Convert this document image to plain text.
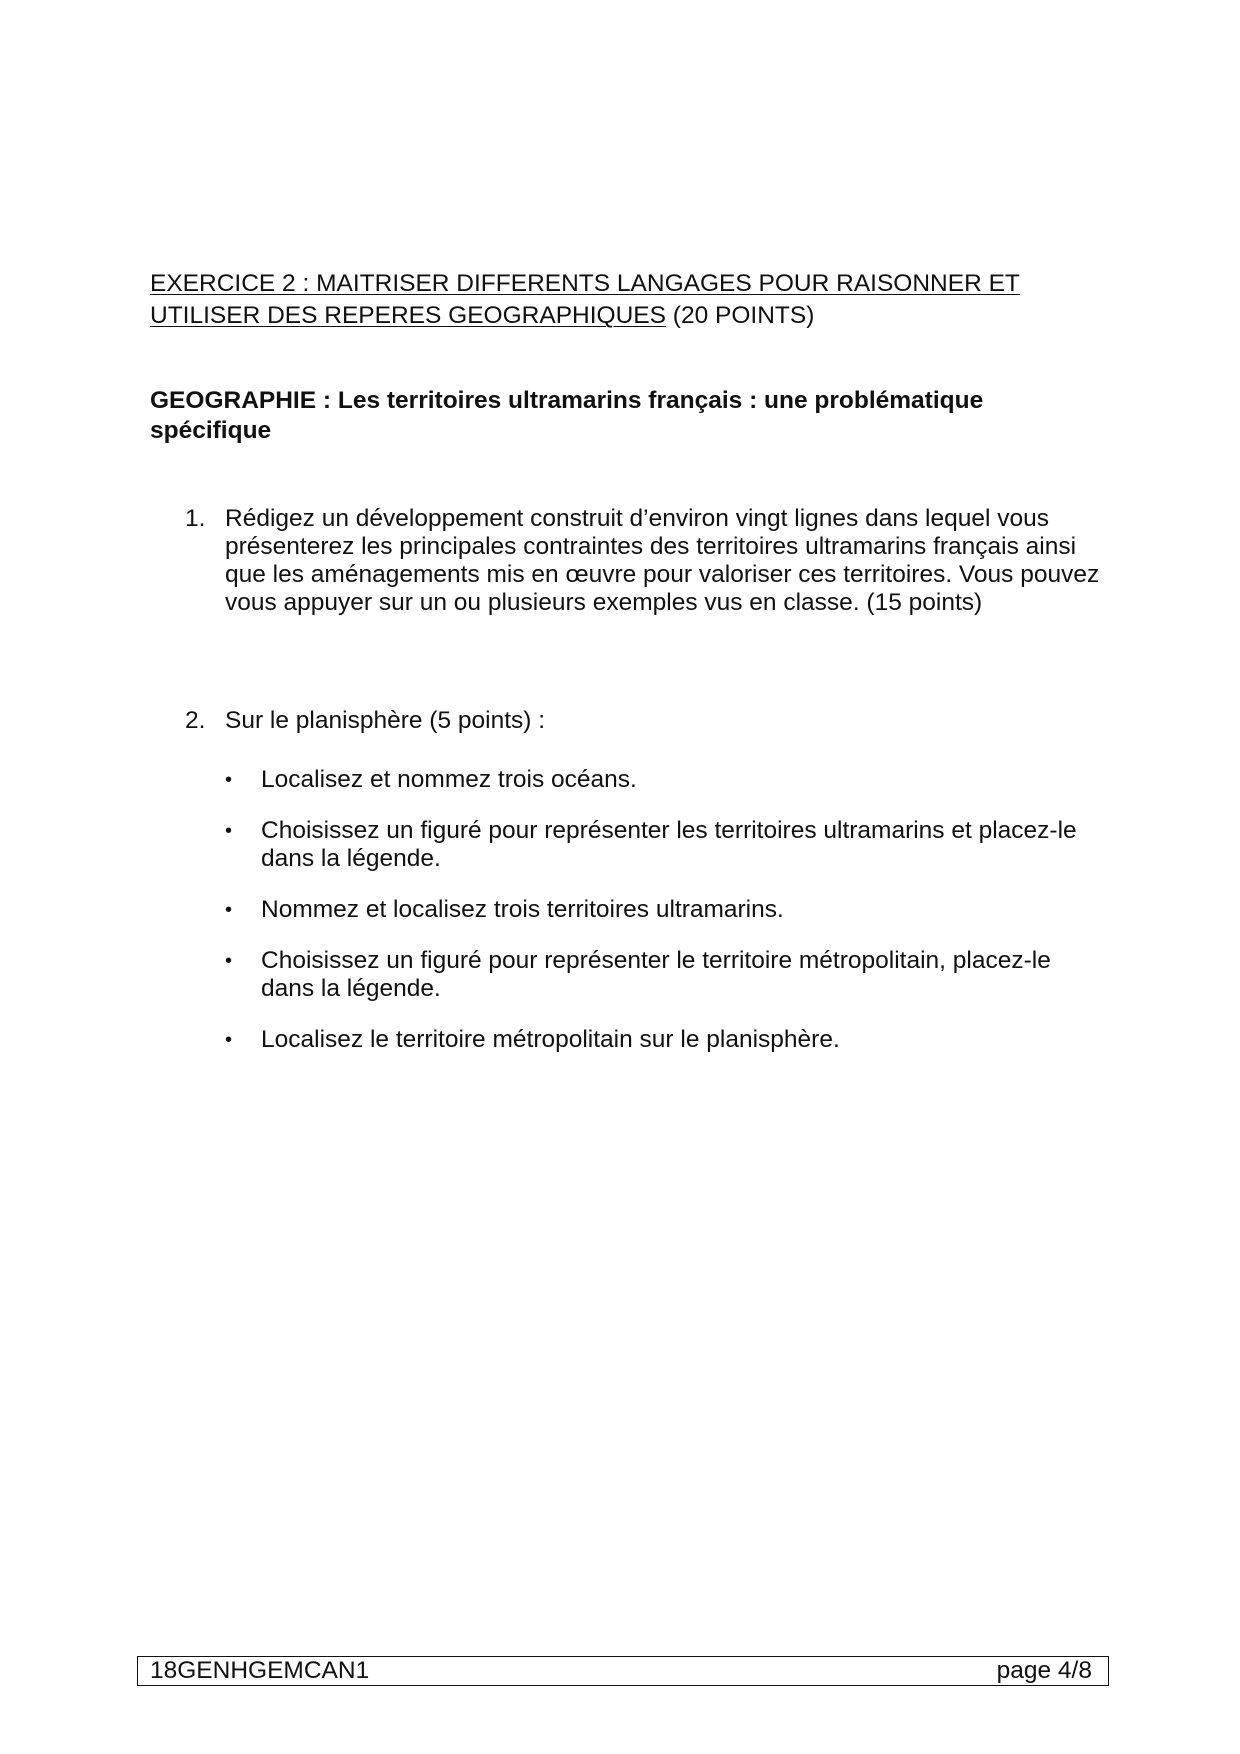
EXERCICE 2 : MAITRISER DIFFERENTS LANGAGES POUR RAISONNER ET UTILISER DES REPERES GEOGRAPHIQUES (20 POINTS)

GEOGRAPHIE : Les territoires ultramarins français : une problématique spécifique

1. Rédigez un développement construit d’environ vingt lignes dans lequel vous présenterez les principales contraintes des territoires ultramarins français ainsi que les aménagements mis en œuvre pour valoriser ces territoires. Vous pouvez vous appuyer sur un ou plusieurs exemples vus en classe. (15 points)

2. Sur le planisphère (5 points) :

• Localisez et nommez trois océans.
• Choisissez un figuré pour représenter les territoires ultramarins et placez-le dans la légende.
• Nommez et localisez trois territoires ultramarins.
• Choisissez un figuré pour représenter le territoire métropolitain, placez-le dans la légende.
• Localisez le territoire métropolitain sur le planisphère.
18GENHGEMCAN1	page 4/8
